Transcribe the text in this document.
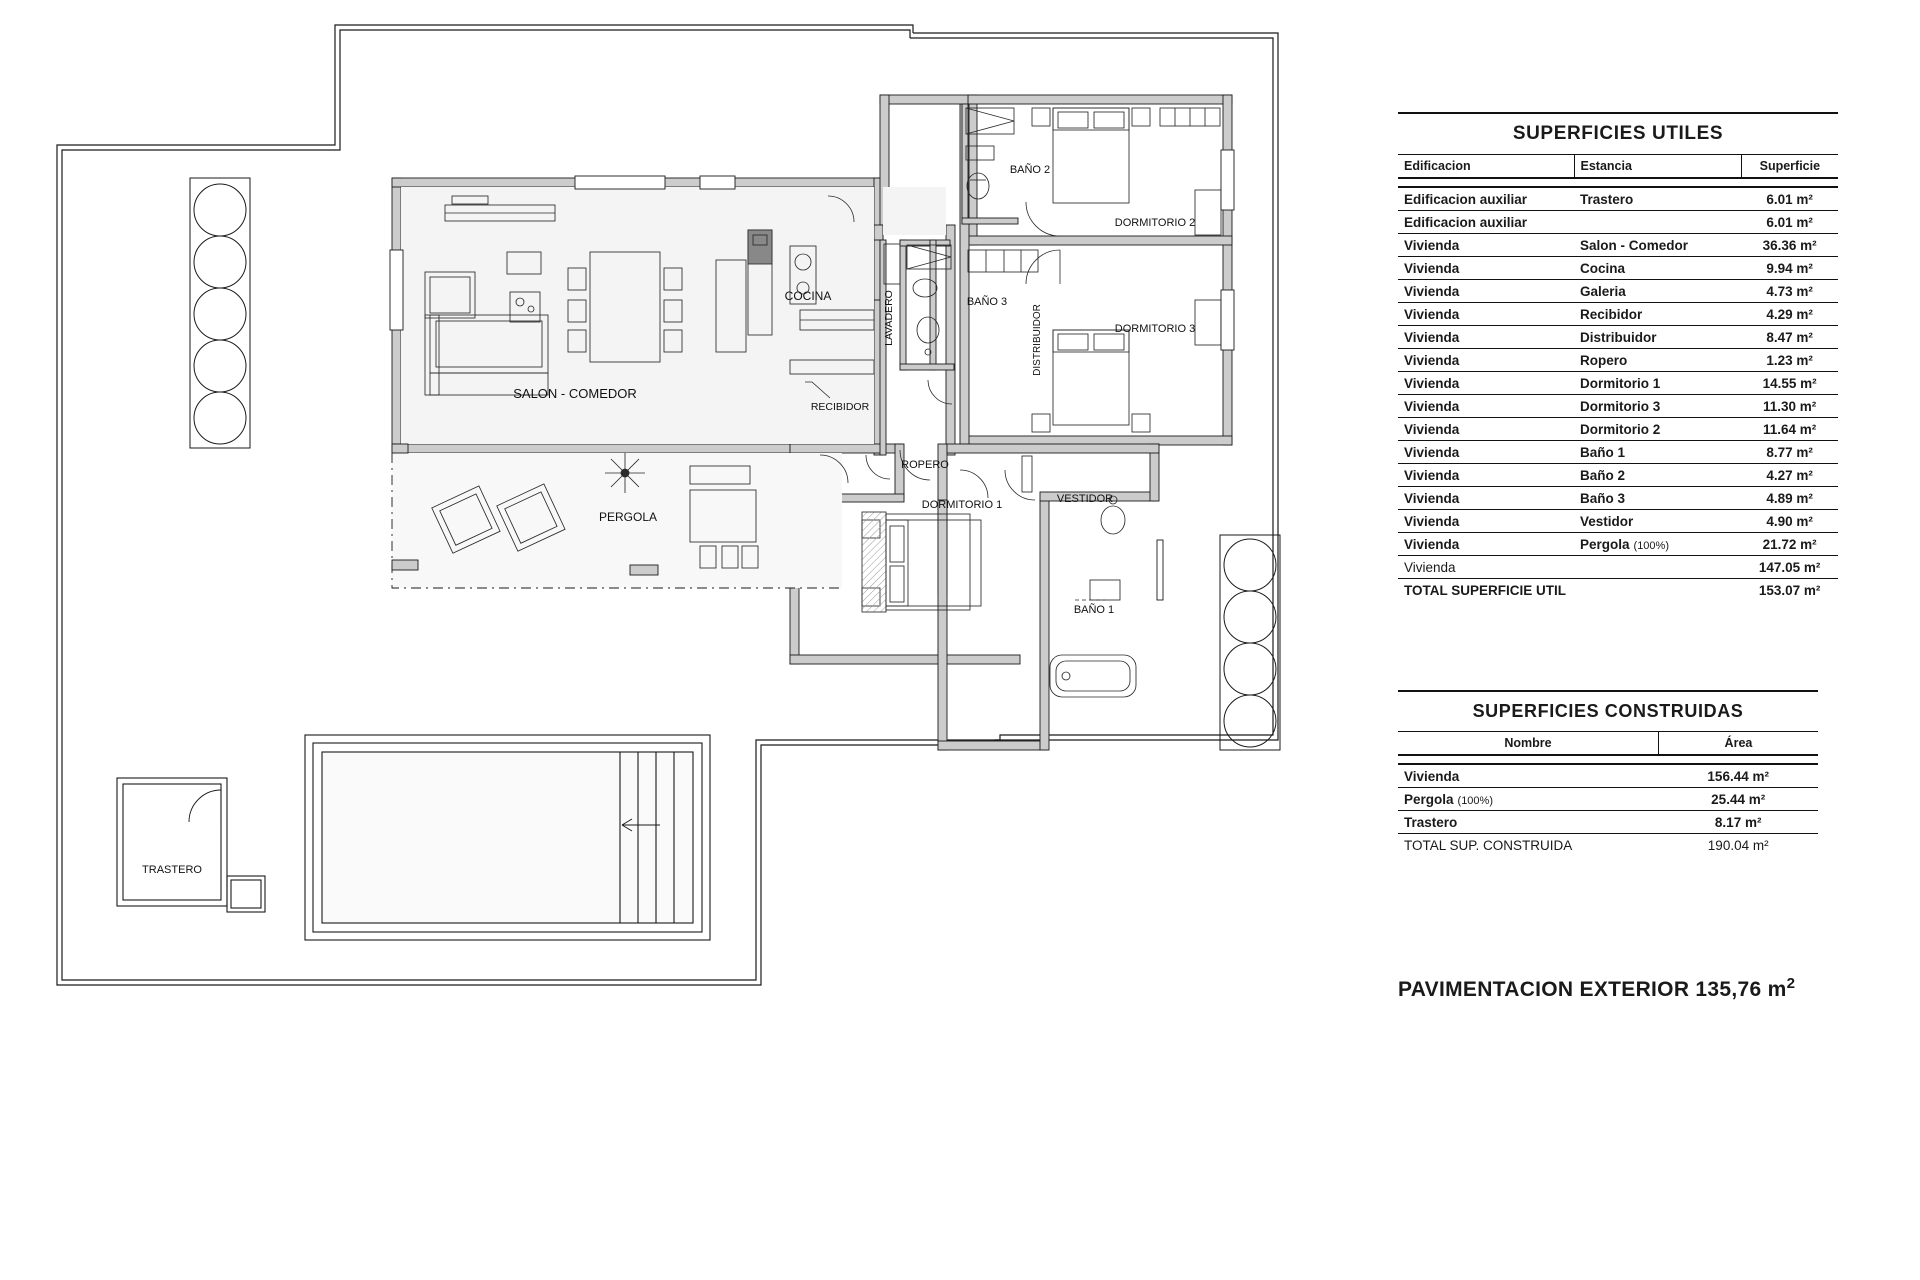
SALON - COMEDOR
COCINA	LAVADERO
BAÑO 2
BAÑO 3
BAÑO 1
DORMITORIO 1
DORMITORIO 2
DORMITORIO 3
DISTRIBUIDOR
RECIBIDOR
ROPERO
VESTIDOR
PERGOLA
TRASTERO
SUPERFICIES UTILES		
Edificacion	Estancia	Superficie

Edificacion auxiliar	Trastero	6.01 m²
Edificacion auxiliar		6.01 m²
Vivienda	Salon - Comedor	36.36 m²
Vivienda	Cocina	9.94 m²
Vivienda	Galeria	4.73 m²
Vivienda	Recibidor	4.29 m²
Vivienda	Distribuidor	8.47 m²
Vivienda	Ropero	1.23 m²
Vivienda	Dormitorio 1	14.55 m²
Vivienda	Dormitorio 3	11.30 m²
Vivienda	Dormitorio 2	11.64 m²
Vivienda	Baño 1	8.77 m²
Vivienda	Baño 2	4.27 m²
Vivienda	Baño 3	4.89 m²
Vivienda	Vestidor	4.90 m²
Vivienda	Pergola (100%)	21.72 m²
Vivienda		147.05 m²
TOTAL SUPERFICIE UTIL		153.07 m²
SUPERFICIES CONSTRUIDAS	
Nombre	Área

Vivienda	156.44 m²
Pergola (100%)	25.44 m²
Trastero	8.17 m²
TOTAL SUP. CONSTRUIDA	190.04 m²
PAVIMENTACION EXTERIOR 135,76 $m^2$
